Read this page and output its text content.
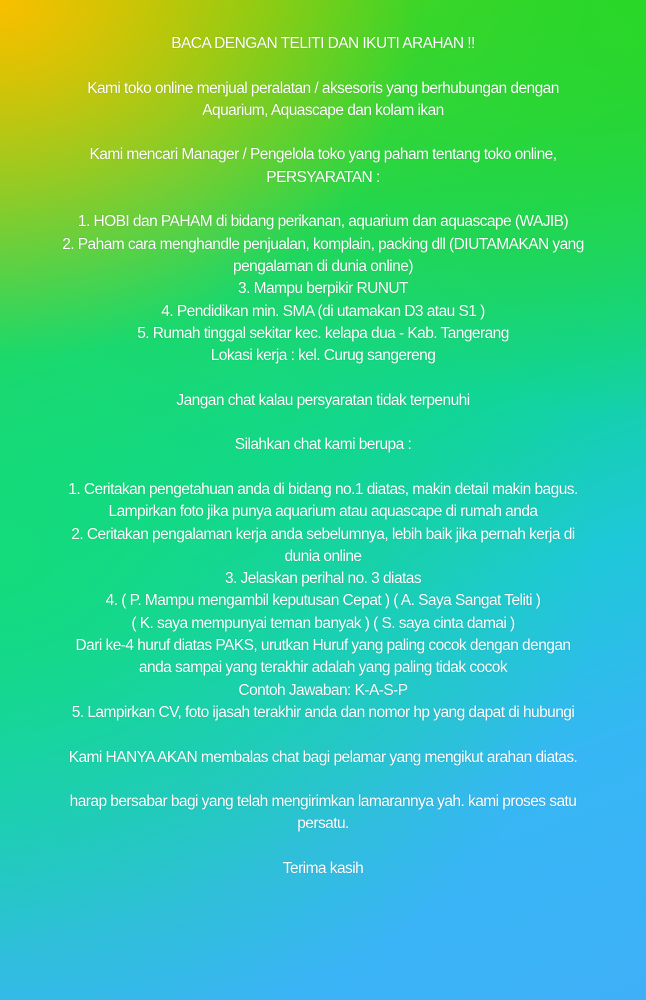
BACA DENGAN TELITI DAN IKUTI ARAHAN !!

Kami toko online menjual peralatan / aksesoris yang berhubungan dengan
Aquarium, Aquascape dan kolam ikan

Kami mencari Manager / Pengelola toko yang paham tentang toko online,
PERSYARATAN :

1. HOBI dan PAHAM di bidang perikanan, aquarium dan aquascape (WAJIB)

2. Paham cara menghandle penjualan, komplain, packing dll (DIUTAMAKAN yang
pengalaman di dunia online)

3. Mampu berpikir RUNUT

4. Pendidikan min. SMA (di utamakan D3 atau S1 )

5. Rumah tinggal sekitar kec. kelapa dua - Kab. Tangerang

Lokasi kerja : kel. Curug sangereng

Jangan chat kalau persyaratan tidak terpenuhi

Silahkan chat kami berupa :

1. Ceritakan pengetahuan anda di bidang no.1 diatas, makin detail makin bagus.
Lampirkan foto jika punya aquarium atau aquascape di rumah anda

2. Ceritakan pengalaman kerja anda sebelumnya, lebih baik jika pernah kerja di
dunia online

3. Jelaskan perihal no. 3 diatas

4. ( P. Mampu mengambil keputusan Cepat ) ( A. Saya Sangat Teliti )
( K. saya mempunyai teman banyak ) ( S. saya cinta damai )
Dari ke-4 huruf diatas PAKS, urutkan Huruf yang paling cocok dengan dengan
anda sampai yang terakhir adalah yang paling tidak cocok
Contoh Jawaban: K-A-S-P

5. Lampirkan CV, foto ijasah terakhir anda dan nomor hp yang dapat di hubungi

Kami HANYA AKAN membalas chat bagi pelamar yang mengikut arahan diatas.

harap bersabar bagi yang telah mengirimkan lamarannya yah. kami proses satu
persatu.

Terima kasih
